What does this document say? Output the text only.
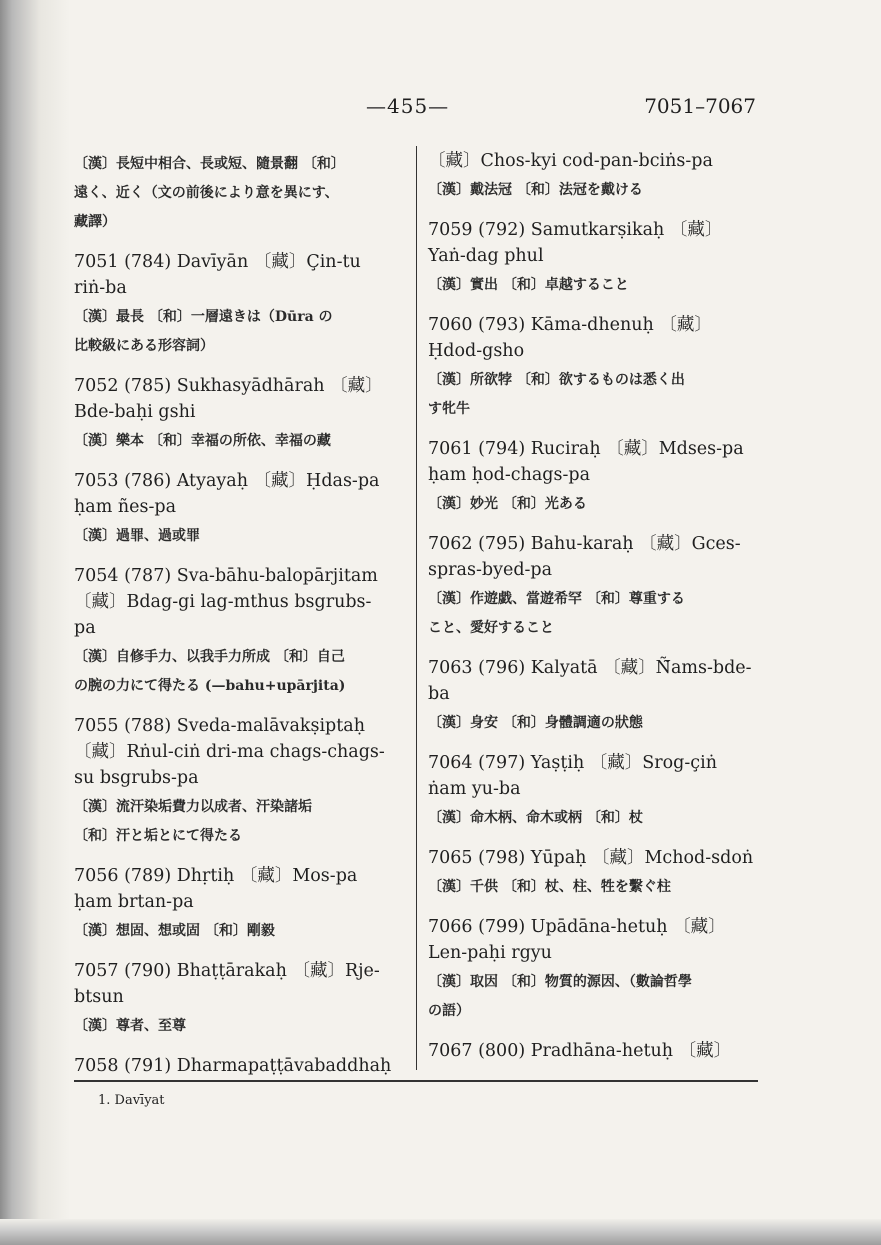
—455—	7051–7067
〔漢〕長短中相合、長或短、隨景翻 〔和〕
遠く、近く（文の前後により意を異にす、
藏譯）
7051 (784) Davīyān 〔藏〕Çin-tu
riṅ-ba
〔漢〕最長 〔和〕一層遠きは（Dūra の
比較級にある形容詞）
7052 (785) Sukhasyādhārah 〔藏〕
Bde-baḥi gshi
〔漢〕樂本 〔和〕幸福の所依、幸福の藏
7053 (786) Atyayaḥ 〔藏〕Ḥdas-pa
ḥam ñes-pa
〔漢〕過罪、過或罪
7054 (787) Sva-bāhu-balopārjitam
〔藏〕Bdag-gi lag-mthus bsgrubs-
pa
〔漢〕自修手力、以我手力所成 〔和〕自己
の腕の力にて得たる (—bahu+upārjita)
7055 (788) Sveda-malāvakṣiptaḥ
〔藏〕Rṅul-ciṅ dri-ma chags-chags-
su bsgrubs-pa
〔漢〕流汗染垢費力以成者、汗染諸垢
〔和〕汗と垢とにて得たる
7056 (789) Dhṛtiḥ 〔藏〕Mos-pa
ḥam brtan-pa
〔漢〕想固、想或固 〔和〕剛毅
7057 (790) Bhaṭṭārakaḥ 〔藏〕Rje-
btsun
〔漢〕尊者、至尊
7058 (791) Dharmapaṭṭāvabaddhaḥ
〔藏〕Chos-kyi cod-pan-bciṅs-pa
〔漢〕戴法冠 〔和〕法冠を戴ける
7059 (792) Samutkarṣikaḥ 〔藏〕
Yaṅ-dag phul
〔漢〕實出 〔和〕卓越すること
7060 (793) Kāma-dhenuḥ 〔藏〕
Ḥdod-gsho
〔漢〕所欲㹀 〔和〕欲するものは悉く出
す牝牛
7061 (794) Ruciraḥ 〔藏〕Mdses-pa
ḥam ḥod-chags-pa
〔漢〕妙光 〔和〕光ある
7062 (795) Bahu-karaḥ 〔藏〕Gces-
spras-byed-pa
〔漢〕作遊戯、當遊希罕 〔和〕尊重する
こと、愛好すること
7063 (796) Kalyatā 〔藏〕Ñ̃ams-bde-
ba
〔漢〕身安 〔和〕身體調適の狀態
7064 (797) Yaṣṭiḥ 〔藏〕Srog-çiṅ
ṅam yu-ba
〔漢〕命木柄、命木或柄 〔和〕杖
7065 (798) Yūpaḥ 〔藏〕Mchod-sdoṅ
〔漢〕千供 〔和〕杖、柱、牲を繫ぐ柱
7066 (799) Upādāna-hetuḥ 〔藏〕
Len-paḥi rgyu
〔漢〕取因 〔和〕物質的源因、（數論哲學
の語）
7067 (800) Pradhāna-hetuḥ 〔藏〕
1. Davīyat
